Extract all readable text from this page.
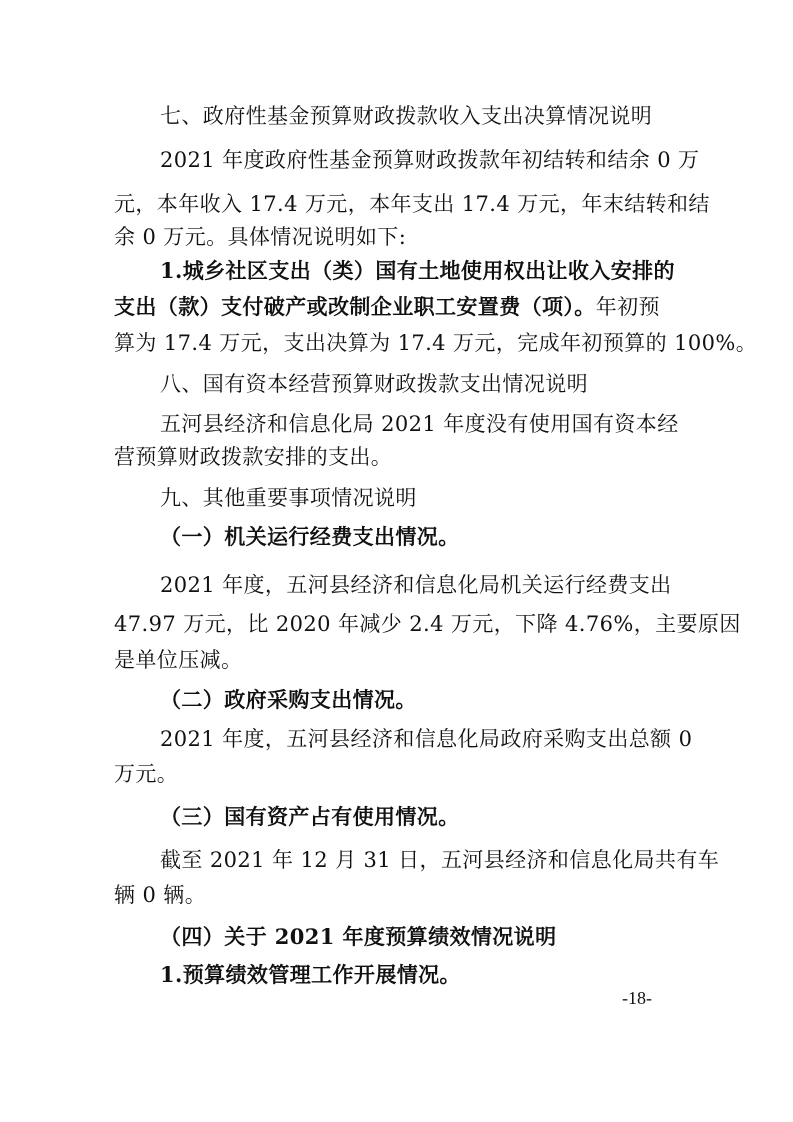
七、政府性基金预算财政拨款收入支出决算情况说明
2021 年度政府性基金预算财政拨款年初结转和结余 0 万
元，本年收入 17.4 万元，本年支出 17.4 万元，年末结转和结
余 0 万元。具体情况说明如下:
1.城乡社区支出（类）国有土地使用权出让收入安排的
支出（款）支付破产或改制企业职工安置费（项）。年初预
算为 17.4 万元，支出决算为 17.4 万元，完成年初预算的 100%。
八、国有资本经营预算财政拨款支出情况说明
五河县经济和信息化局 2021 年度没有使用国有资本经
营预算财政拨款安排的支出。
九、其他重要事项情况说明
（一）机关运行经费支出情况。
2021 年度，五河县经济和信息化局机关运行经费支出
47.97 万元，比 2020 年减少 2.4 万元，下降 4.76%，主要原因
是单位压减。
（二）政府采购支出情况。
2021 年度，五河县经济和信息化局政府采购支出总额 0
万元。
（三）国有资产占有使用情况。
截至 2021 年 12 月 31 日，五河县经济和信息化局共有车
辆 0 辆。
（四）关于 2021 年度预算绩效情况说明
1.预算绩效管理工作开展情况。
-18-
